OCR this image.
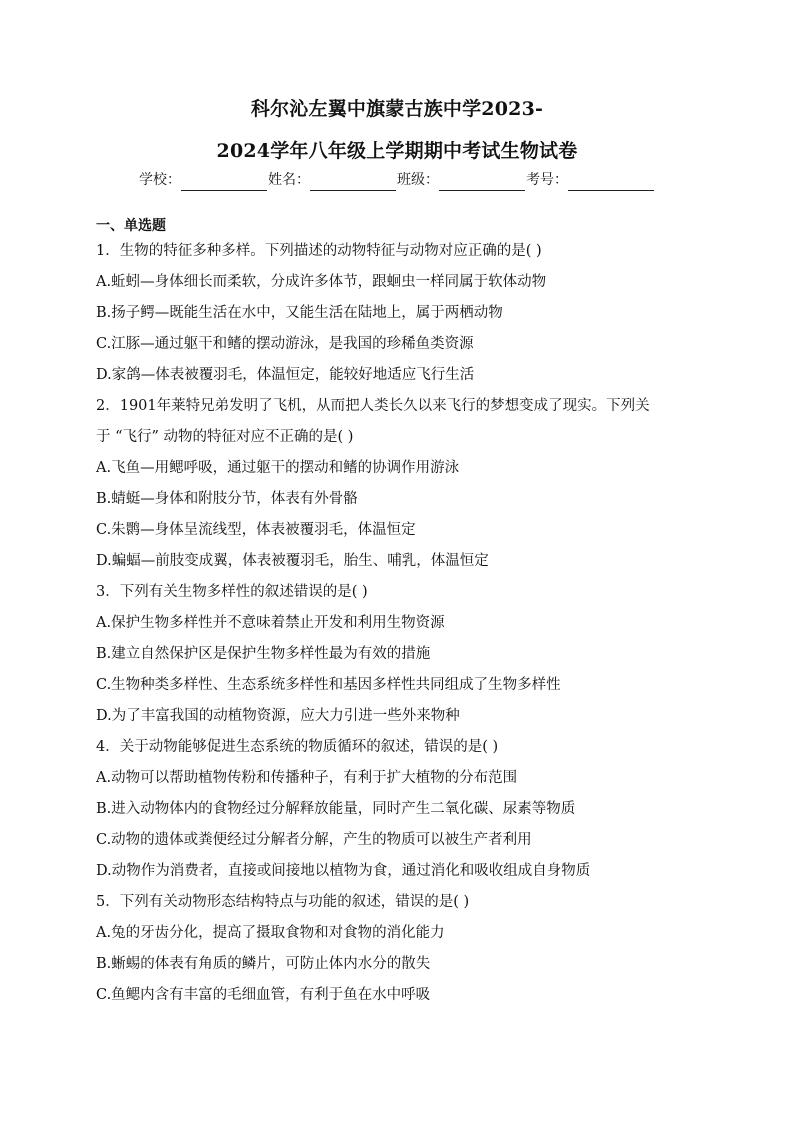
科尔沁左翼中旗蒙古族中学2023-
2024学年八年级上学期期中考试生物试卷
学校：	姓名：	班级：	考号：
一、单选题
1．生物的特征多种多样。下列描述的动物特征与动物对应正确的是( )
A.蚯蚓—身体细长而柔软，分成许多体节，跟蛔虫一样同属于软体动物
B.扬子鳄—既能生活在水中，又能生活在陆地上，属于两栖动物
C.江豚—通过躯干和鳍的摆动游泳，是我国的珍稀鱼类资源
D.家鸽—体表被覆羽毛，体温恒定，能较好地适应飞行生活
2．1901年莱特兄弟发明了飞机，从而把人类长久以来飞行的梦想变成了现实。下列关
于 “飞行” 动物的特征对应不正确的是( )
A.飞鱼—用鳃呼吸，通过躯干的摆动和鳍的协调作用游泳
B.蜻蜓—身体和附肢分节，体表有外骨骼
C.朱鹮—身体呈流线型，体表被覆羽毛，体温恒定
D.蝙蝠—前肢变成翼，体表被覆羽毛，胎生、哺乳，体温恒定
3．下列有关生物多样性的叙述错误的是( )
A.保护生物多样性并不意味着禁止开发和利用生物资源
B.建立自然保护区是保护生物多样性最为有效的措施
C.生物种类多样性、生态系统多样性和基因多样性共同组成了生物多样性
D.为了丰富我国的动植物资源，应大力引进一些外来物种
4．关于动物能够促进生态系统的物质循环的叙述，错误的是( )
A.动物可以帮助植物传粉和传播种子，有利于扩大植物的分布范围
B.进入动物体内的食物经过分解释放能量，同时产生二氧化碳、尿素等物质
C.动物的遗体或粪便经过分解者分解，产生的物质可以被生产者利用
D.动物作为消费者，直接或间接地以植物为食，通过消化和吸收组成自身物质
5．下列有关动物形态结构特点与功能的叙述，错误的是( )
A.兔的牙齿分化，提高了摄取食物和对食物的消化能力
B.蜥蜴的体表有角质的鳞片，可防止体内水分的散失
C.鱼鳃内含有丰富的毛细血管，有利于鱼在水中呼吸
